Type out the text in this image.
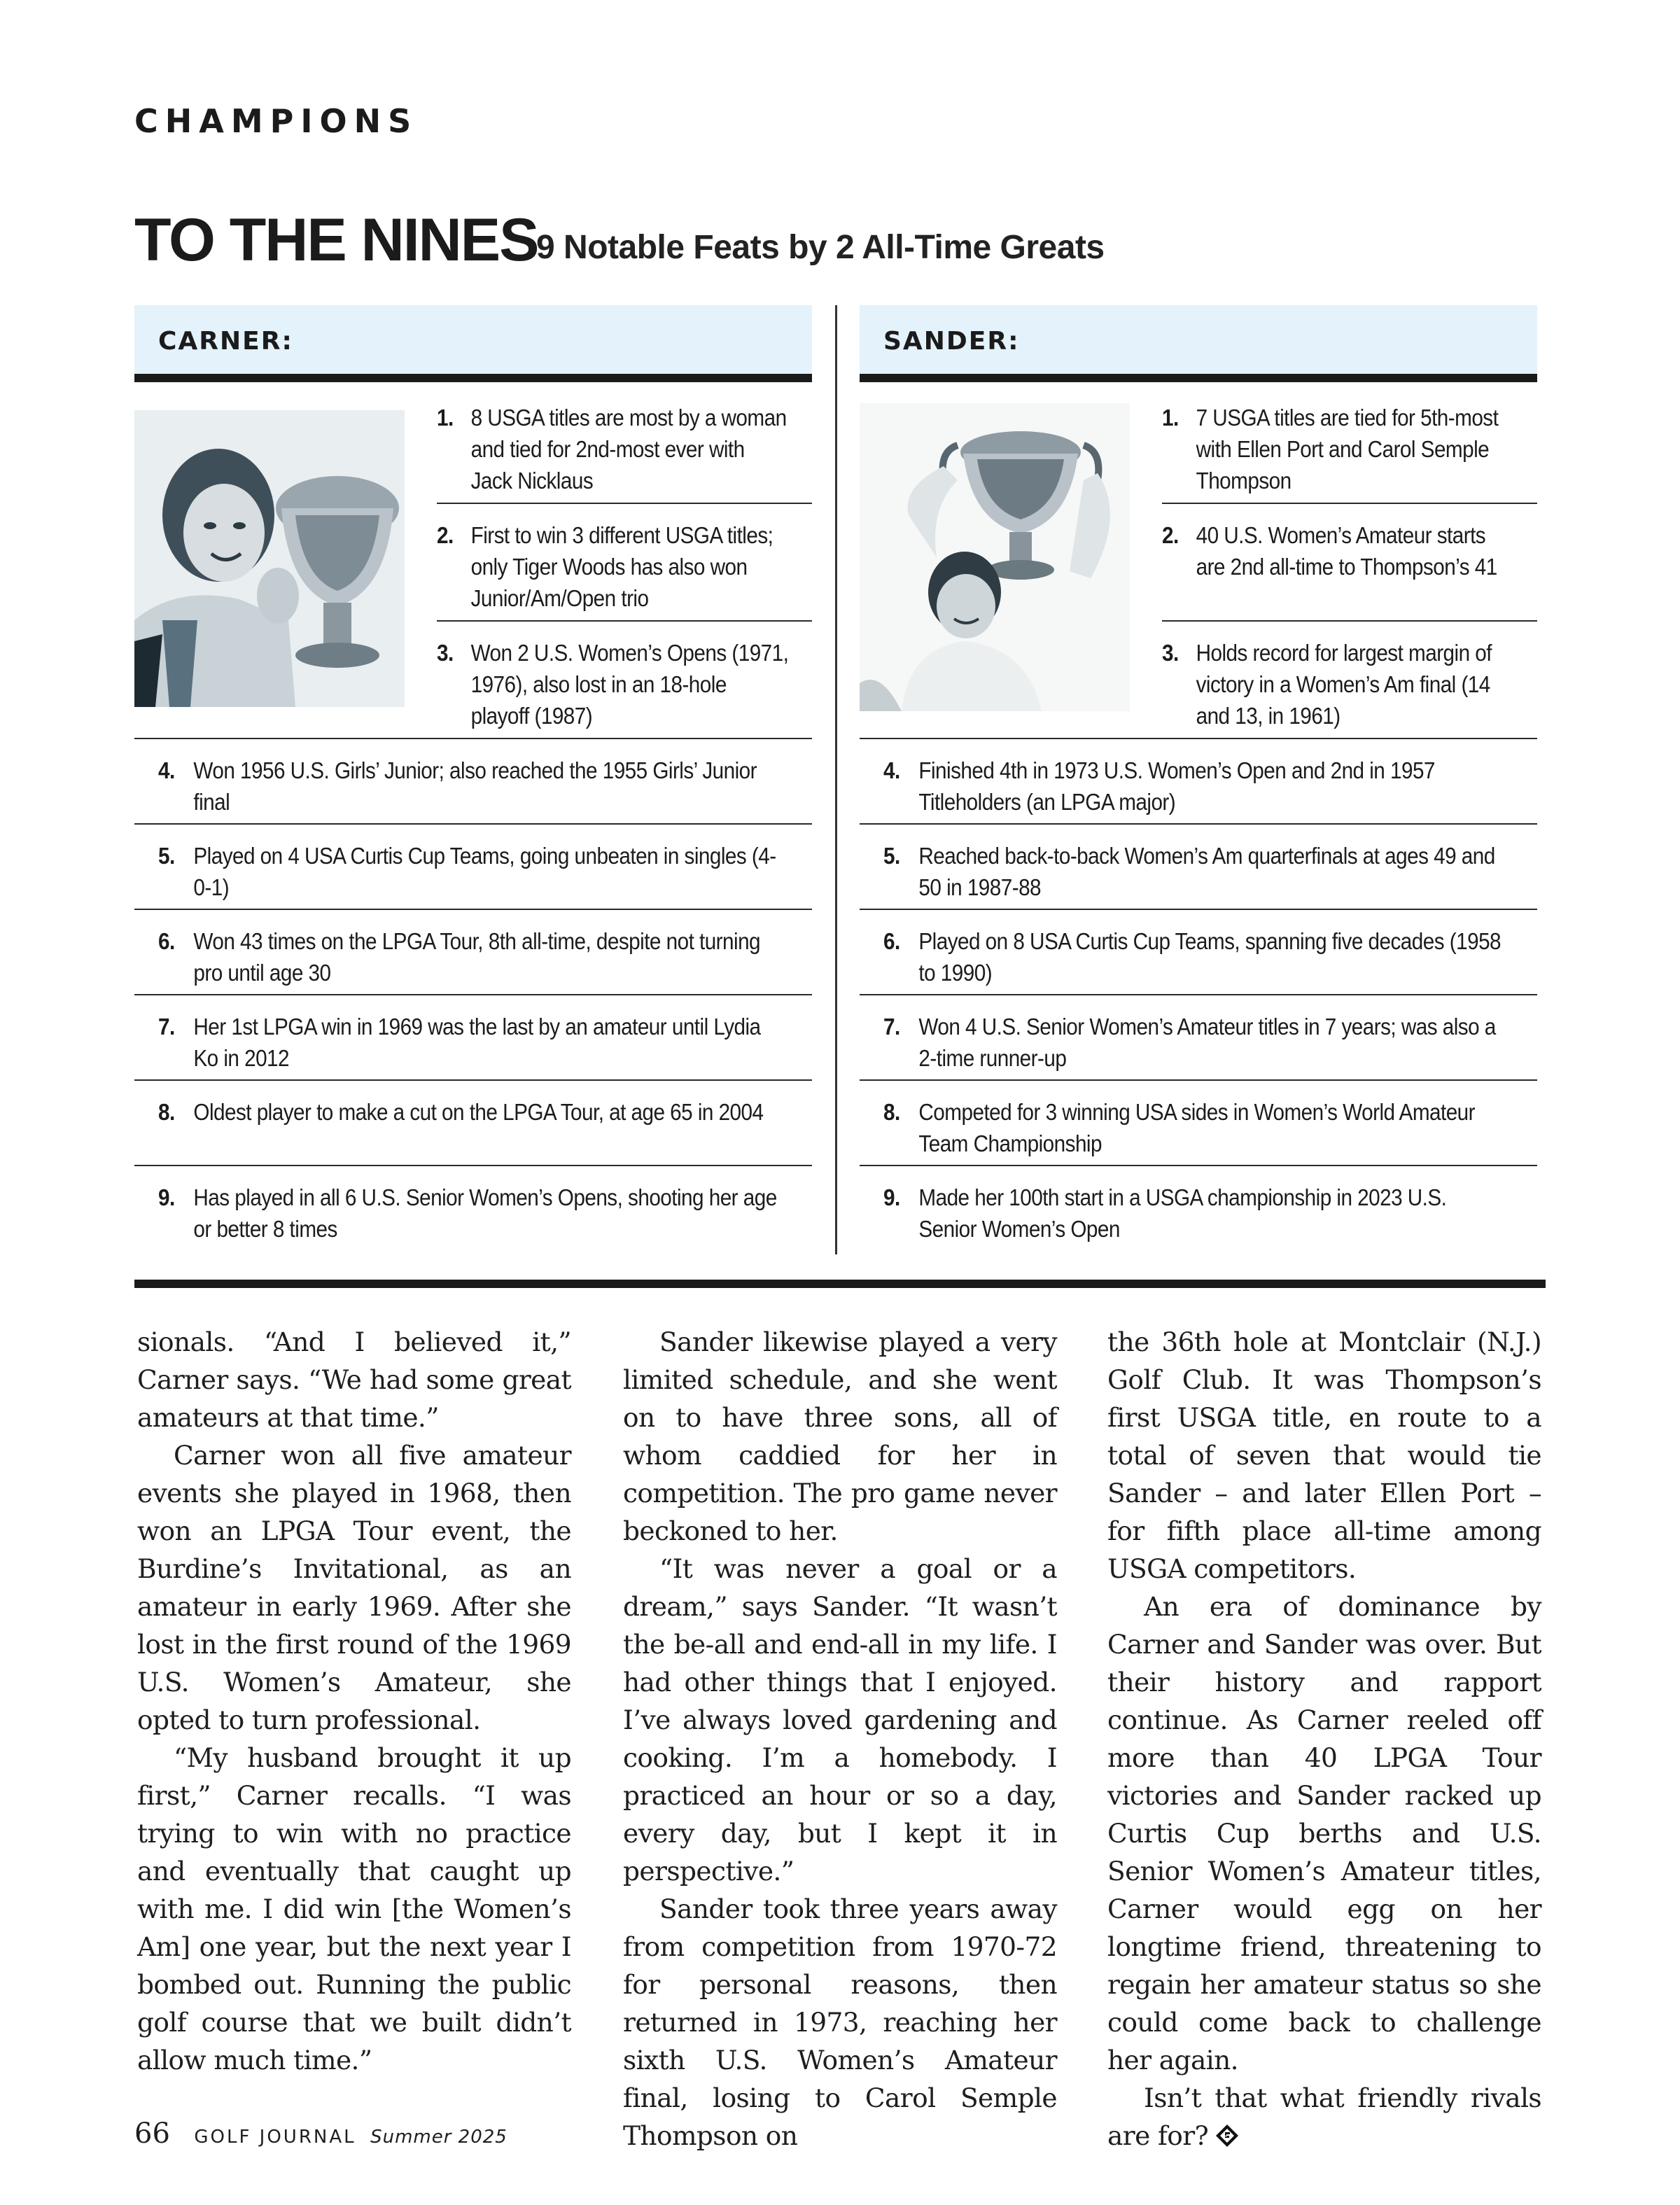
CHAMPIONS
TO THE NINES
9 Notable Feats by 2 All-Time Greats
CARNER:
1. 8 USGA titles are most by a woman and tied for 2nd-most ever with Jack Nicklaus
2. First to win 3 different USGA titles; only Tiger Woods has also won Junior/Am/Open trio
3. Won 2 U.S. Women’s Opens (1971, 1976), also lost in an 18-hole playoff (1987)
4. Won 1956 U.S. Girls’ Junior; also reached the 1955 Girls’ Junior final
5. Played on 4 USA Curtis Cup Teams, going unbeaten in singles (4-0-1)
6. Won 43 times on the LPGA Tour, 8th all-time, despite not turning pro until age 30
7. Her 1st LPGA win in 1969 was the last by an amateur until Lydia Ko in 2012
8. Oldest player to make a cut on the LPGA Tour, at age 65 in 2004
9. Has played in all 6 U.S. Senior Women’s Opens, shooting her age or better 8 times
SANDER:
1. 7 USGA titles are tied for 5th-most with Ellen Port and Carol Semple Thompson
2. 40 U.S. Women’s Amateur starts are 2nd all-time to Thompson’s 41
3. Holds record for largest margin of victory in a Women’s Am final (14 and 13, in 1961)
4. Finished 4th in 1973 U.S. Women’s Open and 2nd in 1957 Titleholders (an LPGA major)
5. Reached back-to-back Women’s Am quarterfinals at ages 49 and 50 in 1987-88
6. Played on 8 USA Curtis Cup Teams, spanning five decades (1958 to 1990)
7. Won 4 U.S. Senior Women’s Amateur titles in 7 years; was also a 2-time runner-up
8. Competed for 3 winning USA sides in Women’s World Amateur Team Championship
9. Made her 100th start in a USGA championship in 2023 U.S. Senior Women’s Open

sionals. “And I believed it,” Carner says. “We had some great amateurs at that time.”

Carner won all five amateur events she played in 1968, then won an LPGA Tour event, the Burdine’s Invitational, as an amateur in early 1969. After she lost in the first round of the 1969 U.S. Women’s Amateur, she opted to turn professional.

“My husband brought it up first,” Carner recalls. “I was trying to win with no practice and eventually that caught up with me. I did win [the Women’s Am] one year, but the next year I bombed out. Running the public golf course that we built didn’t allow much time.”

Sander likewise played a very limited schedule, and she went on to have three sons, all of whom caddied for her in competition. The pro game never beckoned to her.

“It was never a goal or a dream,” says Sander. “It wasn’t the be-all and end-all in my life. I had other things that I enjoyed. I’ve always loved gardening and cooking. I’m a homebody. I practiced an hour or so a day, every day, but I kept it in perspective.”

Sander took three years away from competition from 1970-72 for personal reasons, then returned in 1973, reaching her sixth U.S. Women’s Amateur final, losing to Carol Semple Thompson on

the 36th hole at Montclair (N.J.) Golf Club. It was Thompson’s first USGA title, en route to a total of seven that would tie Sander – and later Ellen Port – for fifth place all-time among USGA competitors.

An era of dominance by Carner and Sander was over. But their history and rapport continue. As Carner reeled off more than 40 LPGA Tour victories and Sander racked up Curtis Cup berths and U.S. Senior Women’s Amateur titles, Carner would egg on her longtime friend, threatening to regain her amateur status so she could come back to challenge her again.

Isn’t that what friendly rivals are for?

66 GOLF JOURNAL Summer 2025
